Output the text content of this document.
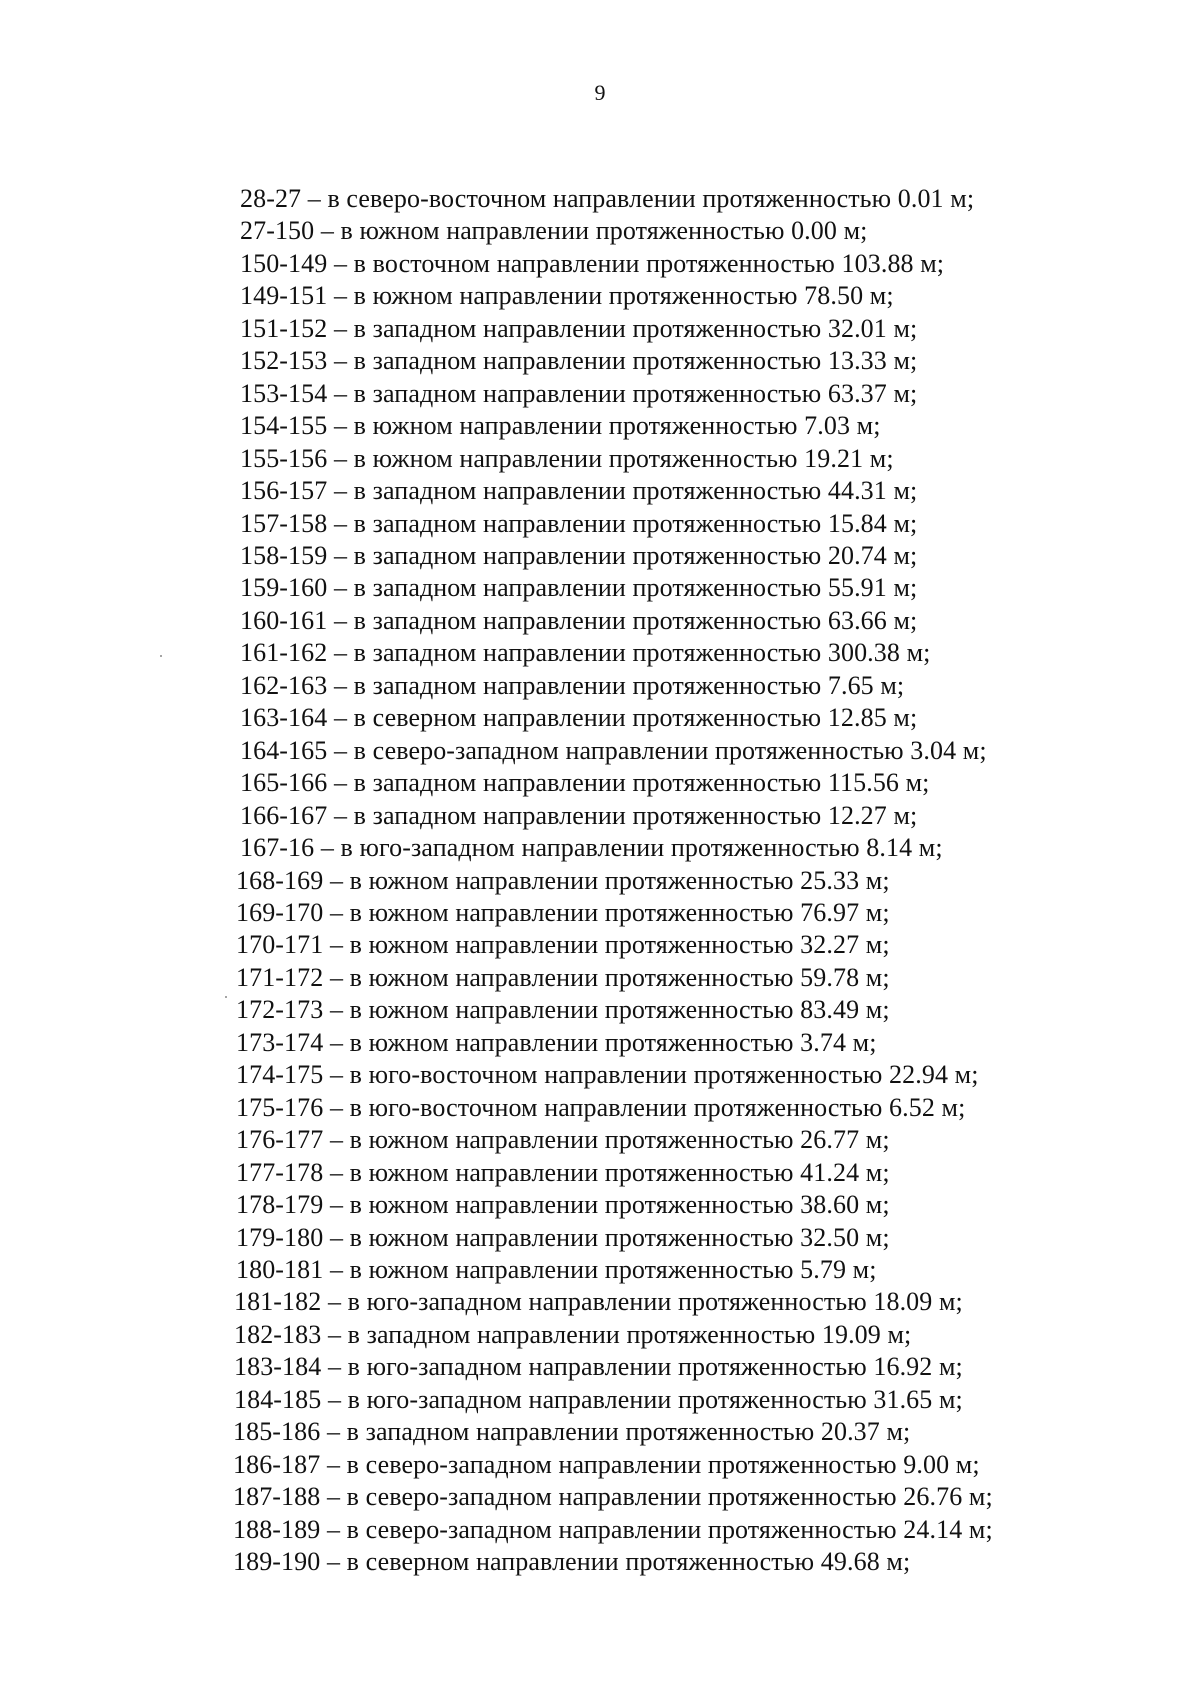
9
28-27 – в северо-восточном направлении протяженностью 0.01 м;
27-150 – в южном направлении протяженностью 0.00 м;
150-149 – в восточном направлении протяженностью 103.88 м;
149-151 – в южном направлении протяженностью 78.50 м;
151-152 – в западном направлении протяженностью 32.01 м;
152-153 – в западном направлении протяженностью 13.33 м;
153-154 – в западном направлении протяженностью 63.37 м;
154-155 – в южном направлении протяженностью 7.03 м;
155-156 – в южном направлении протяженностью 19.21 м;
156-157 – в западном направлении протяженностью 44.31 м;
157-158 – в западном направлении протяженностью 15.84 м;
158-159 – в западном направлении протяженностью 20.74 м;
159-160 – в западном направлении протяженностью 55.91 м;
160-161 – в западном направлении протяженностью 63.66 м;
161-162 – в западном направлении протяженностью 300.38 м;
162-163 – в западном направлении протяженностью 7.65 м;
163-164 – в северном направлении протяженностью 12.85 м;
164-165 – в северо-западном направлении протяженностью 3.04 м;
165-166 – в западном направлении протяженностью 115.56 м;
166-167 – в западном направлении протяженностью 12.27 м;
167-16 – в юго-западном направлении протяженностью 8.14 м;
168-169 – в южном направлении протяженностью 25.33 м;
169-170 – в южном направлении протяженностью 76.97 м;
170-171 – в южном направлении протяженностью 32.27 м;
171-172 – в южном направлении протяженностью 59.78 м;
172-173 – в южном направлении протяженностью 83.49 м;
173-174 – в южном направлении протяженностью 3.74 м;
174-175 – в юго-восточном направлении протяженностью 22.94 м;
175-176 – в юго-восточном направлении протяженностью 6.52 м;
176-177 – в южном направлении протяженностью 26.77 м;
177-178 – в южном направлении протяженностью 41.24 м;
178-179 – в южном направлении протяженностью 38.60 м;
179-180 – в южном направлении протяженностью 32.50 м;
180-181 – в южном направлении протяженностью 5.79 м;
181-182 – в юго-западном направлении протяженностью 18.09 м;
182-183 – в западном направлении протяженностью 19.09 м;
183-184 – в юго-западном направлении протяженностью 16.92 м;
184-185 – в юго-западном направлении протяженностью 31.65 м;
185-186 – в западном направлении протяженностью 20.37 м;
186-187 – в северо-западном направлении протяженностью 9.00 м;
187-188 – в северо-западном направлении протяженностью 26.76 м;
188-189 – в северо-западном направлении протяженностью 24.14 м;
189-190 – в северном направлении протяженностью 49.68 м;
